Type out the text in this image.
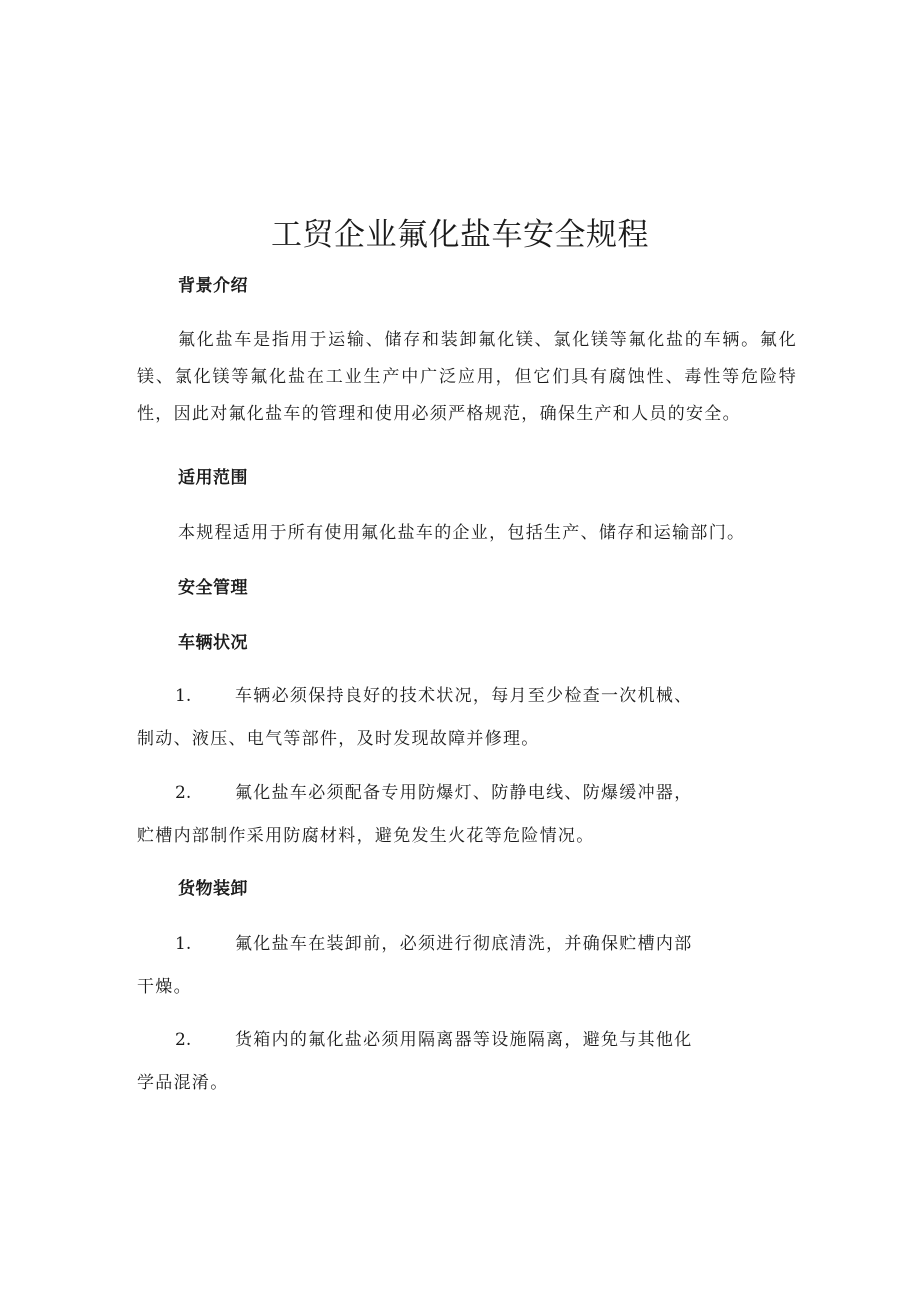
工贸企业氟化盐车安全规程
背景介绍

氟化盐车是指用于运输、储存和装卸氟化镁、氯化镁等氟化盐的车辆。氟化镁、氯化镁等氟化盐在工业生产中广泛应用，但它们具有腐蚀性、毒性等危险特性，因此对氟化盐车的管理和使用必须严格规范，确保生产和人员的安全。

适用范围

本规程适用于所有使用氟化盐车的企业，包括生产、储存和运输部门。

安全管理
车辆状况
1.	车辆必须保持良好的技术状况，每月至少检查一次机械、
制动、液压、电气等部件，及时发现故障并修理。
2.	氟化盐车必须配备专用防爆灯、防静电线、防爆缓冲器，
贮槽内部制作采用防腐材料，避免发生火花等危险情况。
货物装卸
1.	氟化盐车在装卸前，必须进行彻底清洗，并确保贮槽内部
干燥。
2.	货箱内的氟化盐必须用隔离器等设施隔离，避免与其他化
学品混淆。
